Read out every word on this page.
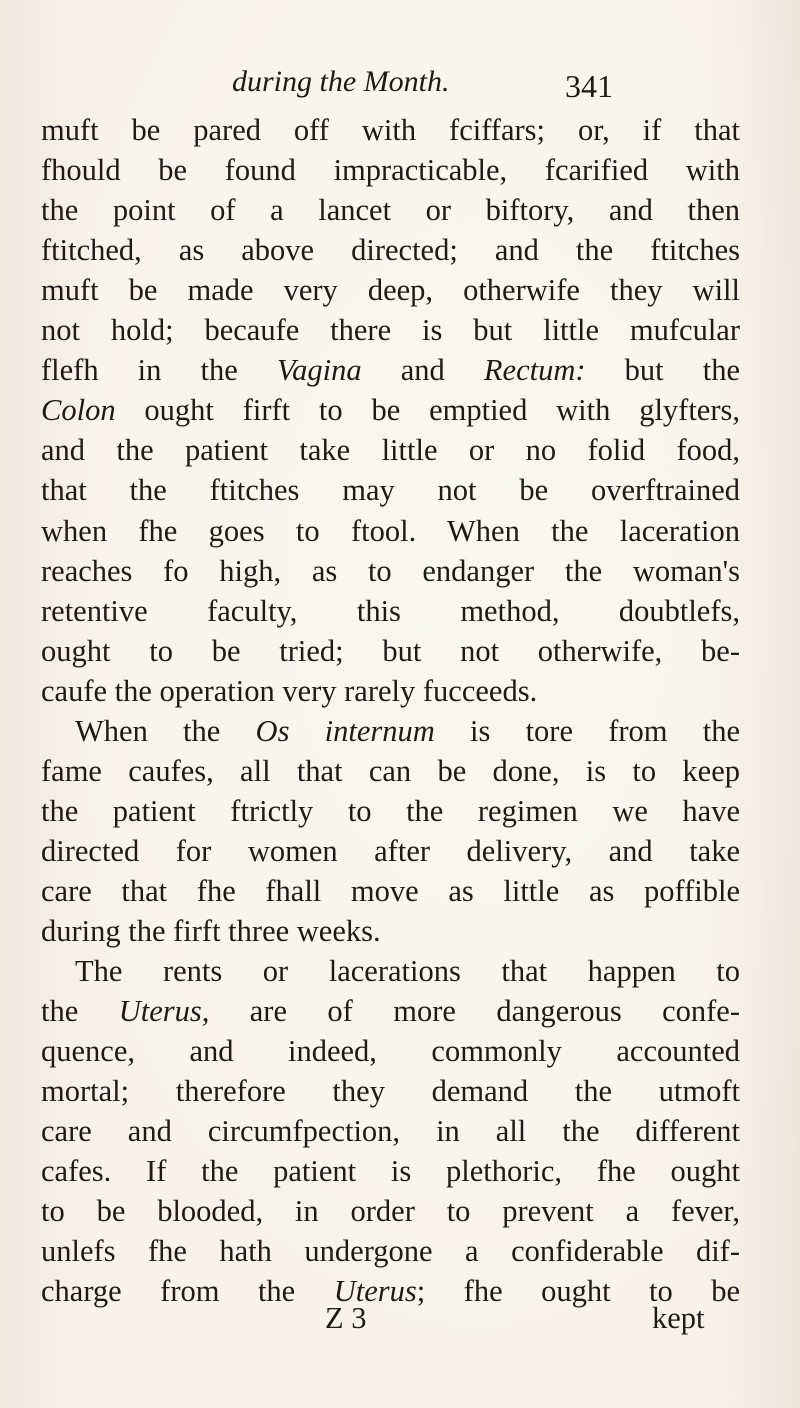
during the Month.	341
muft be pared off with fciffars; or, if that
fhould be found impracticable, fcarified with
the point of a lancet or biftory, and then
ftitched, as above directed; and the ftitches
muft be made very deep, otherwife they will
not hold; becaufe there is but little mufcular
flefh in the Vagina and Rectum: but the
Colon ought firft to be emptied with glyfters,
and the patient take little or no folid food,
that the ftitches may not be overftrained
when fhe goes to ftool. When the laceration
reaches fo high, as to endanger the woman's
retentive faculty, this method, doubtlefs,
ought to be tried; but not otherwife, be-
caufe the operation very rarely fucceeds.
When the Os internum is tore from the
fame caufes, all that can be done, is to keep
the patient ftrictly to the regimen we have
directed for women after delivery, and take
care that fhe fhall move as little as poffible
during the firft three weeks.
The rents or lacerations that happen to
the Uterus, are of more dangerous confe-
quence, and indeed, commonly accounted
mortal; therefore they demand the utmoft
care and circumfpection, in all the different
cafes. If the patient is plethoric, fhe ought
to be blooded, in order to prevent a fever,
unlefs fhe hath undergone a confiderable dif-
charge from the Uterus; fhe ought to be
Z 3	kept
